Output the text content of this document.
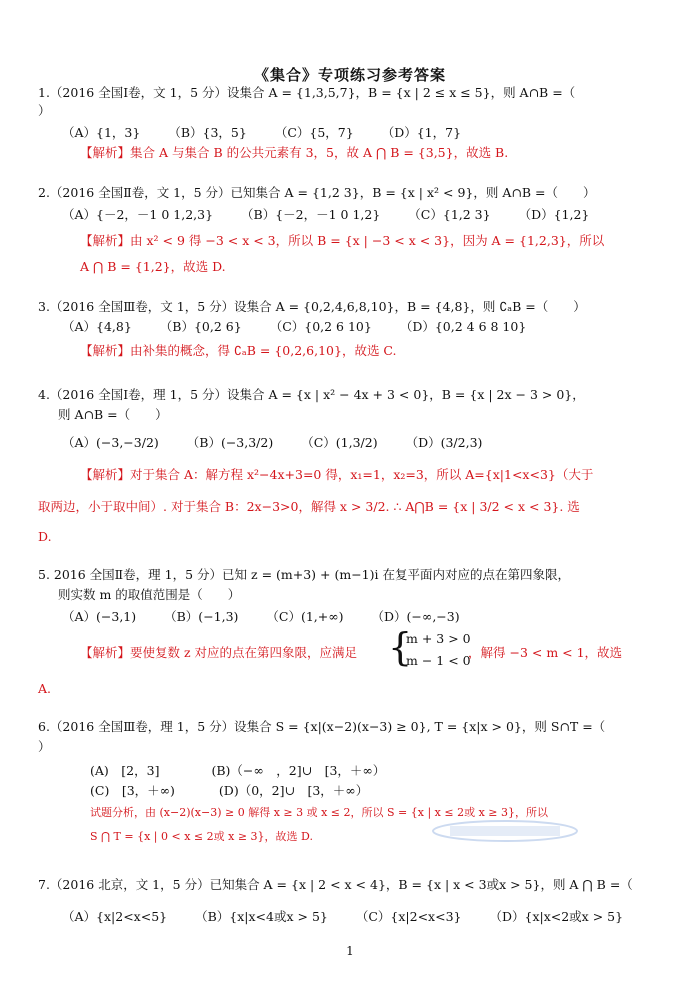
《集合》专项练习参考答案
1.（2016 全国Ⅰ卷，文 1，5 分）设集合 A = {1,3,5,7}，B = {x | 2 ≤ x ≤ 5}，则 A∩B =（
）
（A）{1，3} （B）{3，5} （C）{5，7} （D）{1，7}
【解析】集合 A 与集合 B 的公共元素有 3，5，故 A ⋂ B = {3,5}，故选 B.
2.（2016 全国Ⅱ卷，文 1，5 分）已知集合 A = {1,2 3}，B = {x | x² < 9}，则 A∩B =（　　）
（A）{－2，－1 0 1,2,3} （B）{－2，－1 0 1,2} （C）{1,2 3} （D）{1,2}
【解析】由 x² < 9 得 −3 < x < 3，所以 B = {x | −3 < x < 3}，因为 A = {1,2,3}，所以
A ⋂ B = {1,2}，故选 D.
3.（2016 全国Ⅲ卷，文 1，5 分）设集合 A = {0,2,4,6,8,10}，B = {4,8}，则 ∁ₐB =（　　）
（A）{4,8} （B）{0,2 6} （C）{0,2 6 10} （D）{0,2 4 6 8 10}
【解析】由补集的概念，得 ∁ₐB = {0,2,6,10}，故选 C.
4.（2016 全国Ⅰ卷，理 1，5 分）设集合 A = {x | x² − 4x + 3 < 0}，B = {x | 2x − 3 > 0}，
则 A∩B =（　　）
（A）(−3,−3/2) （B）(−3,3/2) （C）(1,3/2) （D）(3/2,3)
【解析】对于集合 A：解方程 x²−4x+3=0 得，x₁=1，x₂=3，所以 A={x|1<x<3}（大于
取两边，小于取中间）. 对于集合 B：2x−3>0，解得 x > 3/2. ∴ A⋂B = {x | 3/2 < x < 3}. 选
D.
5. 2016 全国Ⅱ卷，理 1，5 分）已知 z = (m+3) + (m−1)i 在复平面内对应的点在第四象限，
则实数 m 的取值范围是（　　）
（A）(−3,1) （B）(−1,3) （C）(1,+∞) （D）(−∞,−3)
【解析】要使复数 z 对应的点在第四象限，应满足 {
m + 3 > 0
m − 1 < 0
，解得 −3 < m < 1，故选
A.
6.（2016 全国Ⅲ卷，理 1，5 分）设集合 S = {x|(x−2)(x−3) ≥ 0}, T = {x|x > 0}，则 S∩T =（
）
(A)　[2，3]	(B)（−∞　，2]∪　[3，＋∞）
(C)　[3，＋∞)	(D)（0，2]∪　[3，＋∞）
试题分析，由 (x−2)(x−3) ≥ 0 解得 x ≥ 3 或 x ≤ 2，所以 S = {x | x ≤ 2或 x ≥ 3}，所以
S ⋂ T = {x | 0 < x ≤ 2或 x ≥ 3}，故选 D.
7.（2016 北京，文 1，5 分）已知集合 A = {x | 2 < x < 4}，B = {x | x < 3或x > 5}，则 A ⋂ B =（
（A）{x|2<x<5} （B）{x|x<4或x > 5} （C）{x|2<x<3} （D）{x|x<2或x > 5}
1
